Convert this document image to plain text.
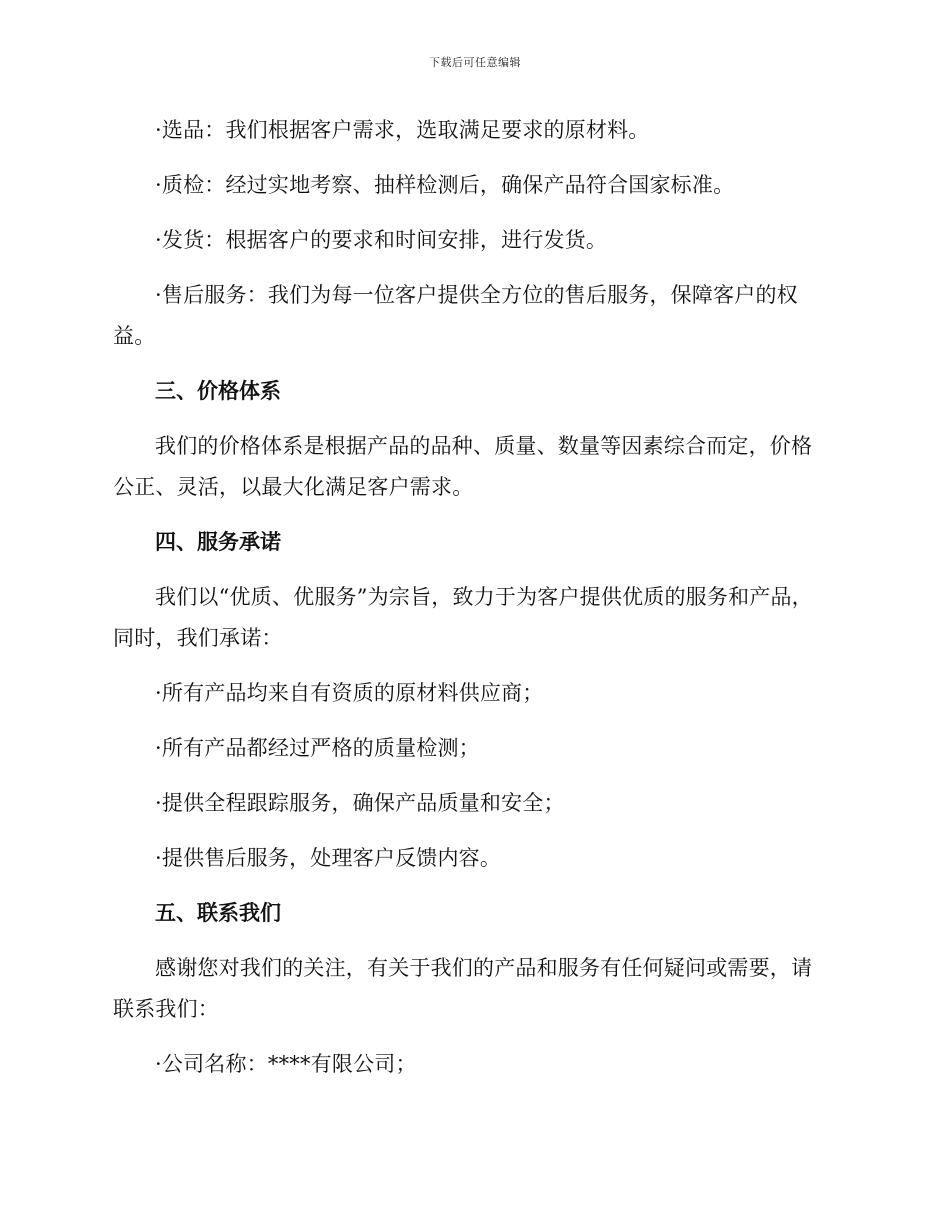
下载后可任意编辑

·选品：我们根据客户需求，选取满足要求的原材料。

·质检：经过实地考察、抽样检测后，确保产品符合国家标准。

·发货：根据客户的要求和时间安排，进行发货。

·售后服务：我们为每一位客户提供全方位的售后服务，保障客户的权益。

三、价格体系

我们的价格体系是根据产品的品种、质量、数量等因素综合而定，价格公正、灵活，以最大化满足客户需求。

四、服务承诺

我们以“优质、优服务”为宗旨，致力于为客户提供优质的服务和产品，同时，我们承诺：

·所有产品均来自有资质的原材料供应商；

·所有产品都经过严格的质量检测；

·提供全程跟踪服务，确保产品质量和安全；

·提供售后服务，处理客户反馈内容。

五、联系我们

感谢您对我们的关注，有关于我们的产品和服务有任何疑问或需要，请联系我们：

·公司名称：****有限公司；
